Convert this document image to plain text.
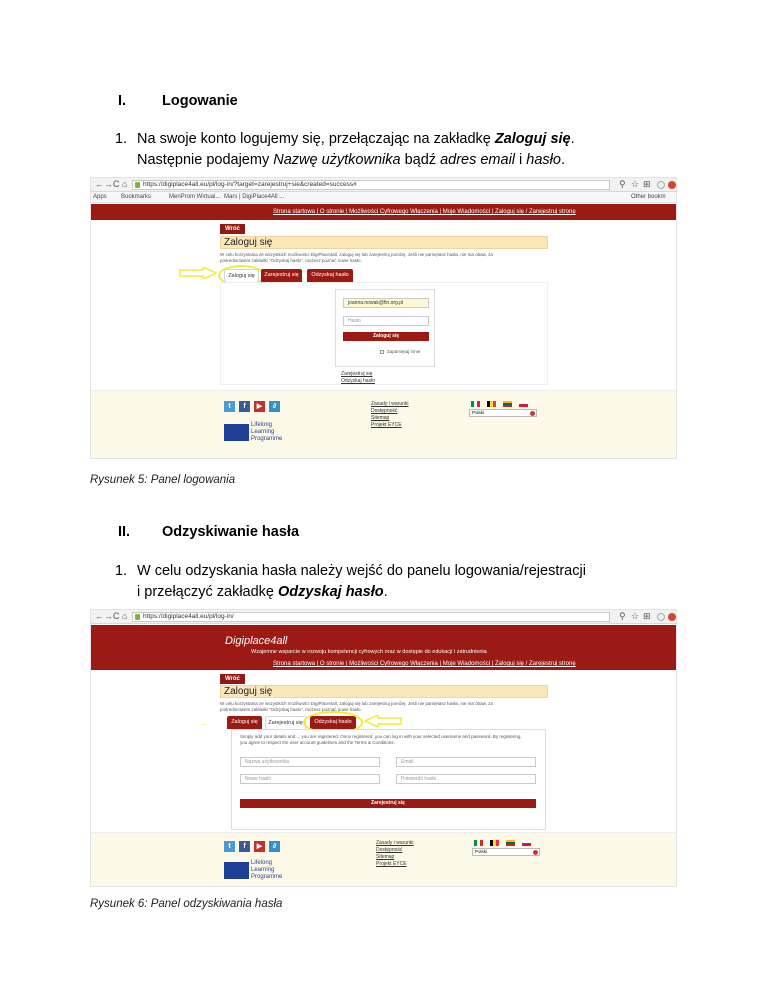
I. Logowanie
1. Na swoje konto logujemy się, przełączając na zakładkę Zaloguj się.
Następnie podajemy Nazwę użytkownika bądź adres email i hasło.
← → C ⌂	https://digiplace4all.eu/pl/log-in/?target=zarejestruj+sie&created=success#	⚲ ☆ ⊞
Apps Bookmarks	MenProm Wirtual... Mars | DigiPlace4All ...	Other bookm
Strona startowa | O stronie | Możliwości Cyfrowego Włączenia | Moje Wiadomości | Zaloguj się / Zarejestruj stronę
Wróć
Zaloguj się
W celu korzystania ze wszystkich możliwości DigiPlace4all, zaloguj się lub zarejestruj poniżej. Jeśli nie pamiętasz hasła, nie ma obaw, za
pośrednictwem zakładki "Odzyskaj hasło", możesz poznać nowe hasło.
Zaloguj się	Zarejestruj się	Odzyskaj hasło
joanna.nowak@fin.org.pl
Hasło
Zaloguj się
Zapamiętaj mnie
Zarejestruj się
Odzyskaj hasło
t	f	▶	∂
Lifelong
Learning
Programme
Zasady i warunki
Dostępność
Sitemap
Projekt EYCE
Polski
Rysunek 5: Panel logowania
II. Odzyskiwanie hasła
1. W celu odzyskania hasła należy wejść do panelu logowania/rejestracji
i przełączyć zakładkę Odzyskaj hasło.
← → C ⌂	https://digiplace4all.eu/pl/log-in/	⚲ ☆ ⊞
Digiplace4all
Wzajemne wsparcie w rozwoju kompetencji cyfrowych oraz w dostępie do edukacji i zatrudnienia
Strona startowa | O stronie | Możliwości Cyfrowego Włączenia | Moje Wiadomości | Zaloguj się / Zarejestruj stronę
Wróć
Zaloguj się
W celu korzystania ze wszystkich możliwości DigiPlace4all, zaloguj się lub zarejestruj poniżej. Jeśli nie pamiętasz hasła, nie ma obaw, za
pośrednictwem zakładki "Odzyskaj hasło", możesz poznać nowe hasło.
→	Zaloguj się	Zarejestruj się	Odzyskaj hasło
Simply add your details and ... you are registered. Once registered, you can log in with your selected username and password. By registering,
you agree to respect the user account guidelines and the Terms & Conditions.
Nazwa użytkownika	Email
Nowe hasło	Potwierdź hasło
Zarejestruj się
t	f	▶	∂
Lifelong
Learning
Programme
Zasady i warunki
Dostępność
Sitemap
Projekt EYCE
Polski
Rysunek 6: Panel odzyskiwania hasła
